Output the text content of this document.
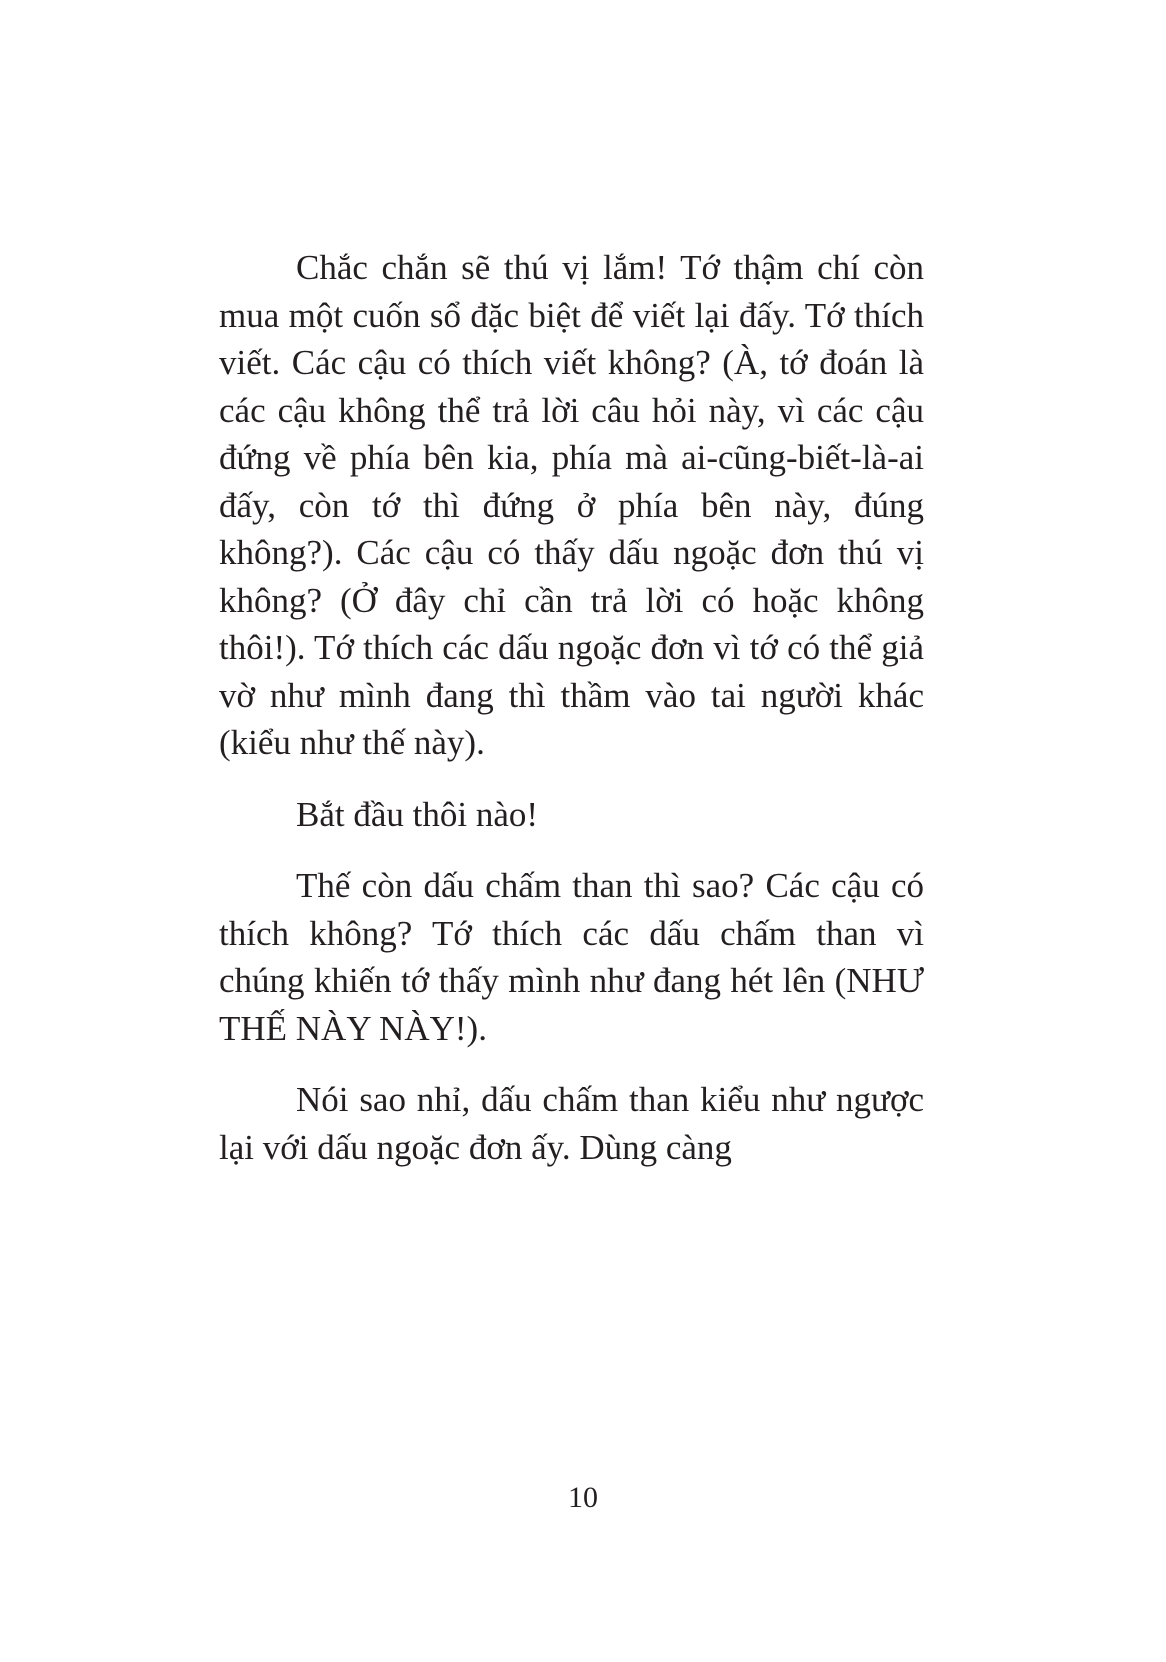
Chắc chắn sẽ thú vị lắm! Tớ thậm chí còn mua một cuốn sổ đặc biệt để viết lại đấy. Tớ thích viết. Các cậu có thích viết không? (À, tớ đoán là các cậu không thể trả lời câu hỏi này, vì các cậu đứng về phía bên kia, phía mà ai-cũng-biết-là-ai đấy, còn tớ thì đứng ở phía bên này, đúng không?). Các cậu có thấy dấu ngoặc đơn thú vị không? (Ở đây chỉ cần trả lời có hoặc không thôi!). Tớ thích các dấu ngoặc đơn vì tớ có thể giả vờ như mình đang thì thầm vào tai người khác (kiểu như thế này).

Bắt đầu thôi nào!

Thế còn dấu chấm than thì sao? Các cậu có thích không? Tớ thích các dấu chấm than vì chúng khiến tớ thấy mình như đang hét lên (NHƯ THẾ NÀY NÀY!).

Nói sao nhỉ, dấu chấm than kiểu như ngược lại với dấu ngoặc đơn ấy. Dùng càng

10
